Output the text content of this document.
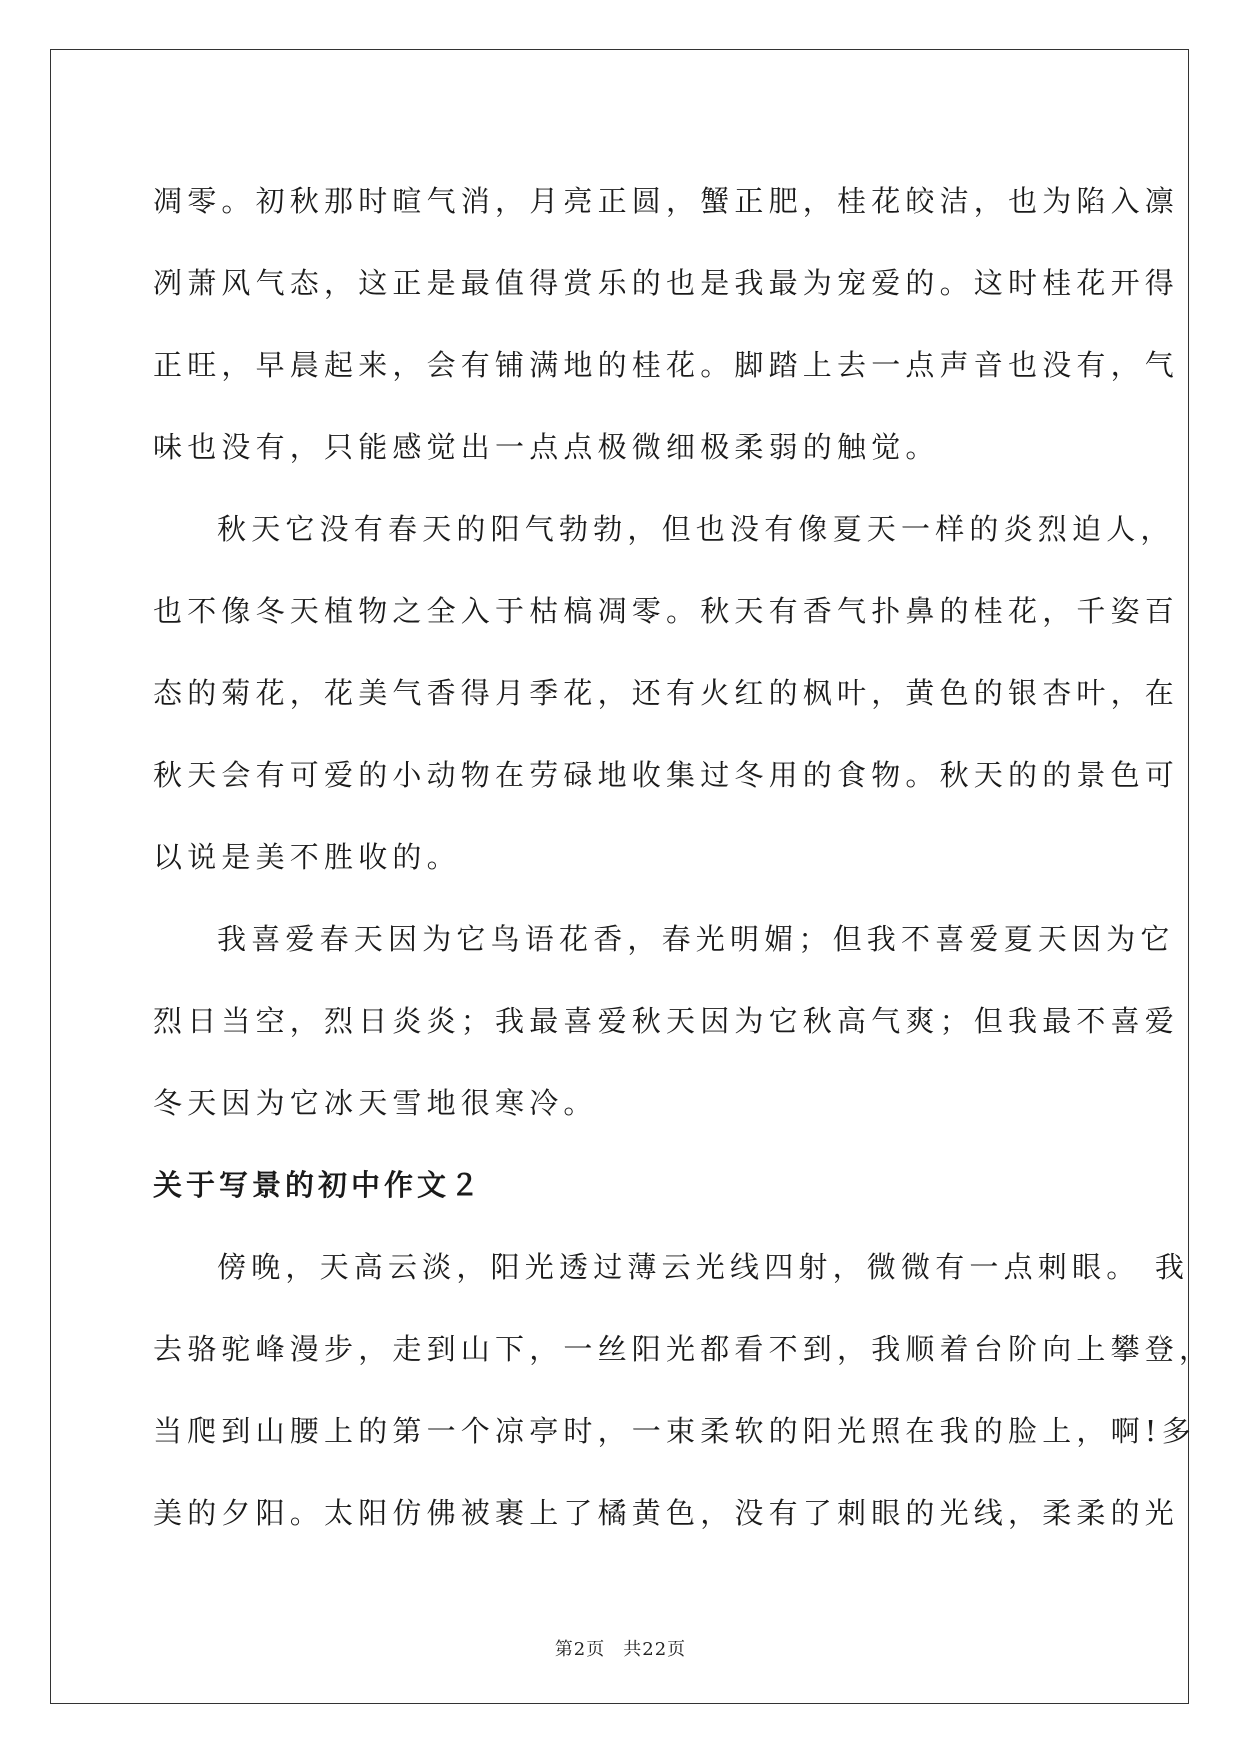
凋零。初秋那时暄气消，月亮正圆，蟹正肥，桂花皎洁，也为陷入凛
冽萧风气态，这正是最值得赏乐的也是我最为宠爱的。这时桂花开得
正旺，早晨起来，会有铺满地的桂花。脚踏上去一点声音也没有，气
味也没有，只能感觉出一点点极微细极柔弱的触觉。

秋天它没有春天的阳气勃勃，但也没有像夏天一样的炎烈迫人，
也不像冬天植物之全入于枯槁凋零。秋天有香气扑鼻的桂花，千姿百
态的菊花，花美气香得月季花，还有火红的枫叶，黄色的银杏叶，在
秋天会有可爱的小动物在劳碌地收集过冬用的食物。秋天的的景色可
以说是美不胜收的。

我喜爱春天因为它鸟语花香，春光明媚；但我不喜爱夏天因为它
烈日当空，烈日炎炎；我最喜爱秋天因为它秋高气爽；但我最不喜爱
冬天因为它冰天雪地很寒冷。

关于写景的初中作文２

傍晚，天高云淡，阳光透过薄云光线四射，微微有一点刺眼。 我
去骆驼峰漫步，走到山下，一丝阳光都看不到，我顺着台阶向上攀登，
当爬到山腰上的第一个凉亭时，一束柔软的阳光照在我的脸上，啊!多
美的夕阳。太阳仿佛被裹上了橘黄色，没有了刺眼的光线，柔柔的光

第2页 共22页
